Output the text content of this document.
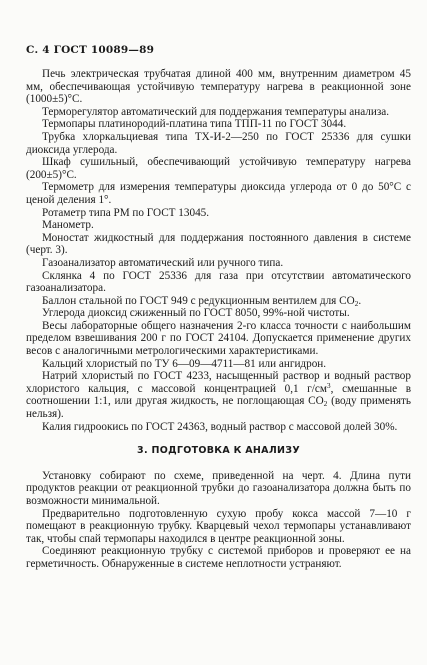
С. 4 ГОСТ 10089—89

Печь электрическая трубчатая длиной 400 мм, внутренним диаметром 45 мм, обеспечивающая устойчивую температуру нагрева в реакционной зоне (1000±5)°С.

Терморегулятор автоматический для поддержания температуры анализа.

Термопары платинородий-платина типа ТПП-11 по ГОСТ 3044.

Трубка хлоркальциевая типа ТХ-И-2—250 по ГОСТ 25336 для сушки диоксида углерода.

Шкаф сушильный, обеспечивающий устойчивую температуру нагрева (200±5)°С.

Термометр для измерения температуры диоксида углерода от 0 до 50°С с ценой деления 1°.

Ротаметр типа РМ по ГОСТ 13045.

Манометр.

Моностат жидкостный для поддержания постоянного давления в системе (черт. 3).

Газоанализатор автоматический или ручного типа.

Склянка 4 по ГОСТ 25336 для газа при отсутствии автоматического газоанализатора.

Баллон стальной по ГОСТ 949 с редукционным вентилем для $CO_2$.

Углерода диоксид сжиженный по ГОСТ 8050, 99%-ной чистоты.

Весы лабораторные общего назначения 2-го класса точности с наибольшим пределом взвешивания 200 г по ГОСТ 24104. Допускается применение других весов с аналогичными метрологическими характеристиками.

Кальций хлористый по ТУ 6—09—4711—81 или ангидрон.

Натрий хлористый по ГОСТ 4233, насыщенный раствор и водный раствор хлористого кальция, с массовой концентрацией 0,1 $г/см^3$, смешанные в соотношении 1:1, или другая жидкость, не поглощающая $CO_2$ (воду применять нельзя).

Калия гидроокись по ГОСТ 24363, водный раствор с массовой долей 30%.

3. ПОДГОТОВКА К АНАЛИЗУ

Установку собирают по схеме, приведенной на черт. 4. Длина пути продуктов реакции от реакционной трубки до газоанализатора должна быть по возможности минимальной.

Предварительно подготовленную сухую пробу кокса массой 7—10 г помещают в реакционную трубку. Кварцевый чехол термопары устанавливают так, чтобы спай термопары находился в центре реакционной зоны.

Соединяют реакционную трубку с системой приборов и проверяют ее на герметичность. Обнаруженные в системе неплотности устраняют.
